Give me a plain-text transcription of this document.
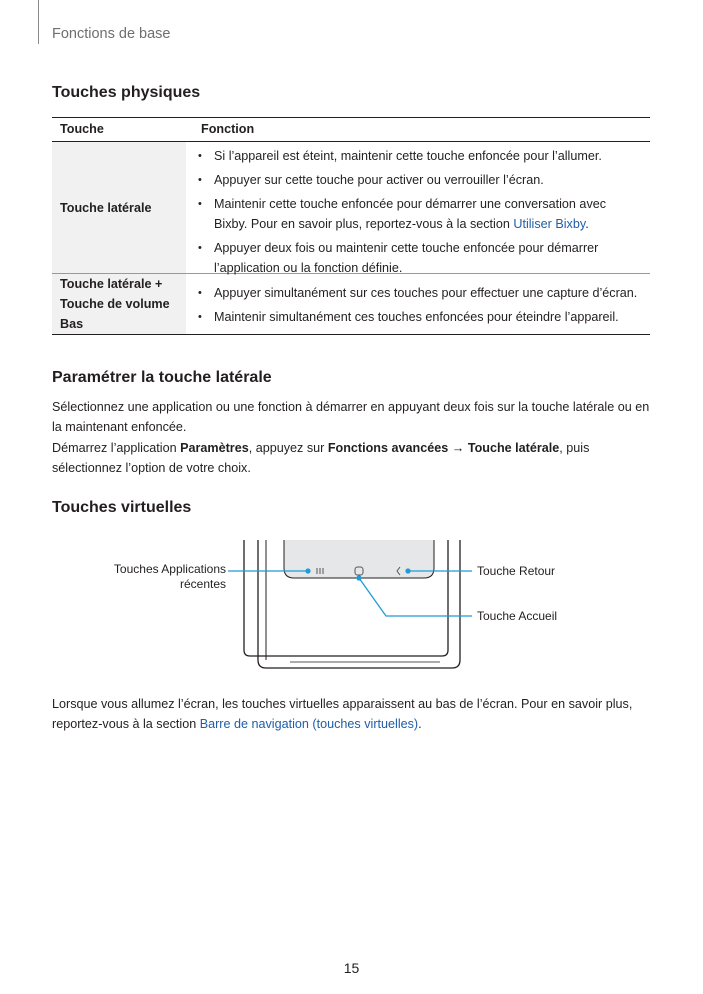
Fonctions de base
Touches physiques
Touche	Fonction
Touche latérale
• Si l’appareil est éteint, maintenir cette touche enfoncée pour l’allumer.
• Appuyer sur cette touche pour activer ou verrouiller l’écran.
• Maintenir cette touche enfoncée pour démarrer une conversation avec Bixby. Pour en savoir plus, reportez-vous à la section Utiliser Bixby.
• Appuyer deux fois ou maintenir cette touche enfoncée pour démarrer l’application ou la fonction définie.
Touche latérale + Touche de volume Bas
• Appuyer simultanément sur ces touches pour effectuer une capture d’écran.
• Maintenir simultanément ces touches enfoncées pour éteindre l’appareil.
Paramétrer la touche latérale

Sélectionnez une application ou une fonction à démarrer en appuyant deux fois sur la touche latérale ou en la maintenant enfoncée.

Démarrez l’application Paramètres, appuyez sur Fonctions avancées → Touche latérale, puis sélectionnez l’option de votre choix.

Touches virtuelles
Touches Applications
récentes
Touche Retour
Touche Accueil

Lorsque vous allumez l’écran, les touches virtuelles apparaissent au bas de l’écran. Pour en savoir plus, reportez-vous à la section Barre de navigation (touches virtuelles).

15
